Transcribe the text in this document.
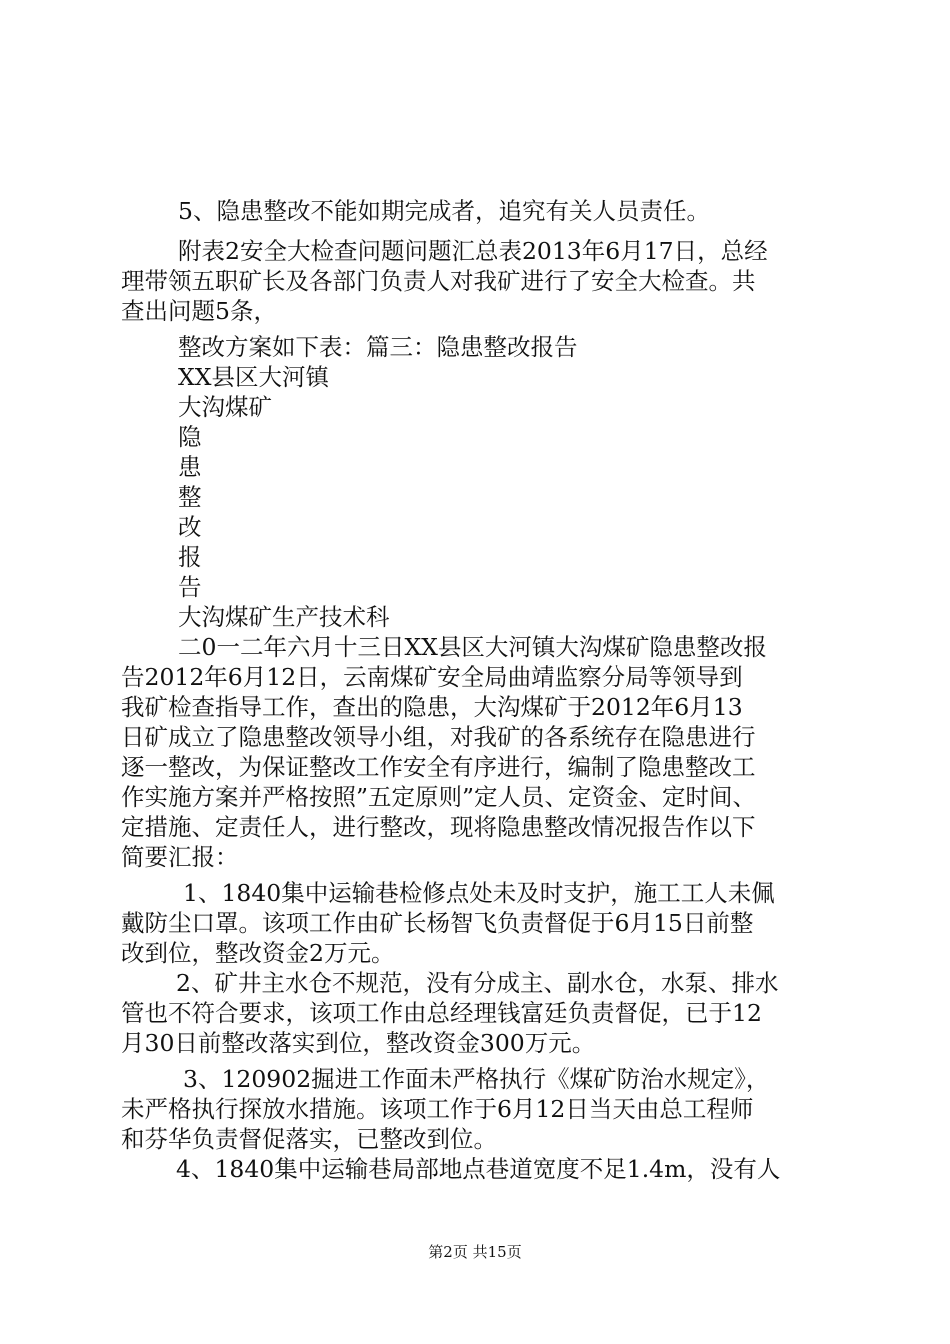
5、隐患整改不能如期完成者，追究有关人员责任。
附表2安全大检查问题问题汇总表2013年6月17日，总经
理带领五职矿长及各部门负责人对我矿进行了安全大检查。共
查出问题5条，
整改方案如下表：篇三：隐患整改报告
XX县区大河镇
大沟煤矿
隐
患
整
改
报
告
大沟煤矿生产技术科
二0一二年六月十三日XX县区大河镇大沟煤矿隐患整改报
告2012年6月12日，云南煤矿安全局曲靖监察分局等领导到
我矿检查指导工作，查出的隐患，大沟煤矿于2012年6月13
日矿成立了隐患整改领导小组，对我矿的各系统存在隐患进行
逐一整改，为保证整改工作安全有序进行，编制了隐患整改工
作实施方案并严格按照”五定原则”定人员、定资金、定时间、
定措施、定责任人，进行整改，现将隐患整改情况报告作以下
简要汇报：
1、1840集中运输巷检修点处未及时支护，施工工人未佩
戴防尘口罩。该项工作由矿长杨智飞负责督促于6月15日前整
改到位，整改资金2万元。
2、矿井主水仓不规范，没有分成主、副水仓，水泵、排水
管也不符合要求，该项工作由总经理钱富廷负责督促，已于12
月30日前整改落实到位，整改资金300万元。
3、120902掘进工作面未严格执行《煤矿防治水规定》，
未严格执行探放水措施。该项工作于6月12日当天由总工程师
和芬华负责督促落实，已整改到位。
4、1840集中运输巷局部地点巷道宽度不足1.4m，没有人
第2页 共15页
